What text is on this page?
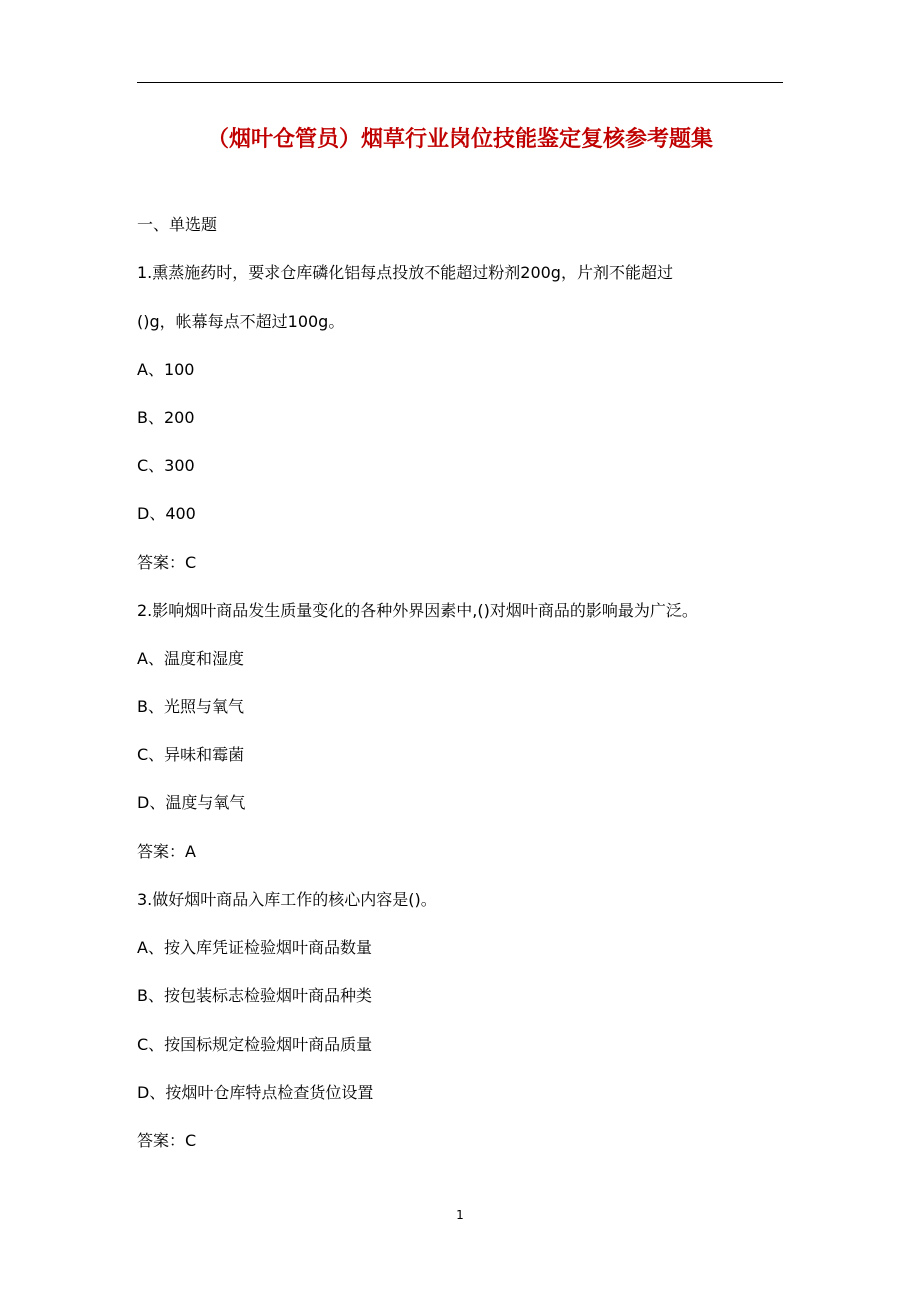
（烟叶仓管员）烟草行业岗位技能鉴定复核参考题集
一、单选题
1.熏蒸施药时，要求仓库磷化铝每点投放不能超过粉剂200g，片剂不能超过
()g，帐幕每点不超过100g。
A、100
B、200
C、300
D、400
答案：C
2.影响烟叶商品发生质量变化的各种外界因素中,()对烟叶商品的影响最为广泛。
A、温度和湿度
B、光照与氧气
C、异味和霉菌
D、温度与氧气
答案：A
3.做好烟叶商品入库工作的核心内容是()。
A、按入库凭证检验烟叶商品数量
B、按包装标志检验烟叶商品种类
C、按国标规定检验烟叶商品质量
D、按烟叶仓库特点检查货位设置
答案：C
1
